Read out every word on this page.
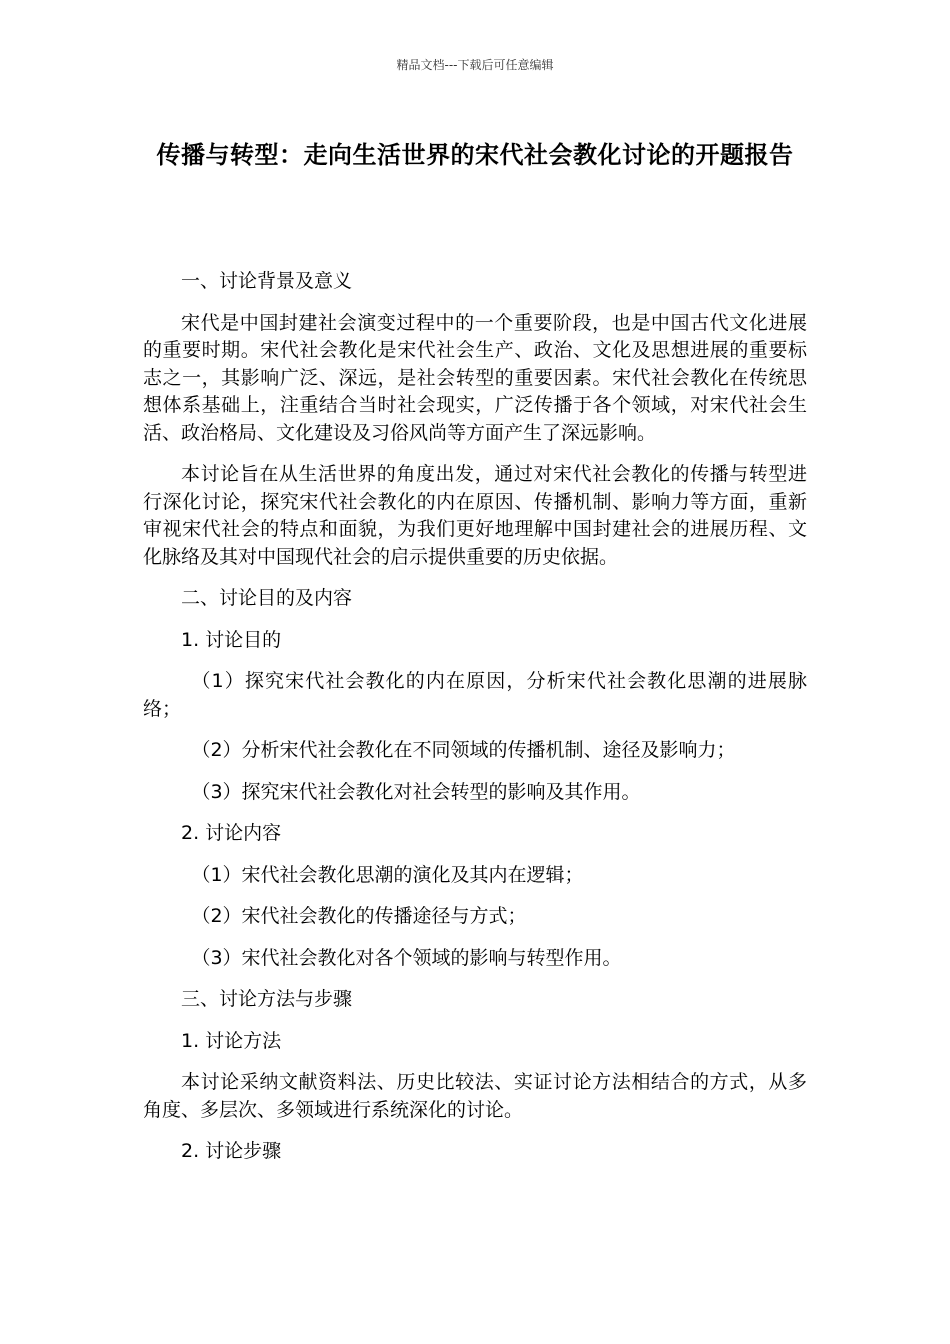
精品文档---下载后可任意编辑
传播与转型：走向生活世界的宋代社会教化讨论的开题报告

一、讨论背景及意义

宋代是中国封建社会演变过程中的一个重要阶段，也是中国古代文化进展的重要时期。宋代社会教化是宋代社会生产、政治、文化及思想进展的重要标志之一，其影响广泛、深远，是社会转型的重要因素。宋代社会教化在传统思想体系基础上，注重结合当时社会现实，广泛传播于各个领域，对宋代社会生活、政治格局、文化建设及习俗风尚等方面产生了深远影响。

本讨论旨在从生活世界的角度出发，通过对宋代社会教化的传播与转型进行深化讨论，探究宋代社会教化的内在原因、传播机制、影响力等方面，重新审视宋代社会的特点和面貌，为我们更好地理解中国封建社会的进展历程、文化脉络及其对中国现代社会的启示提供重要的历史依据。

二、讨论目的及内容

1. 讨论目的

（1）探究宋代社会教化的内在原因，分析宋代社会教化思潮的进展脉络；

（2）分析宋代社会教化在不同领域的传播机制、途径及影响力；

（3）探究宋代社会教化对社会转型的影响及其作用。

2. 讨论内容

（1）宋代社会教化思潮的演化及其内在逻辑；

（2）宋代社会教化的传播途径与方式；

（3）宋代社会教化对各个领域的影响与转型作用。

三、讨论方法与步骤

1. 讨论方法

本讨论采纳文献资料法、历史比较法、实证讨论方法相结合的方式，从多角度、多层次、多领域进行系统深化的讨论。

2. 讨论步骤
